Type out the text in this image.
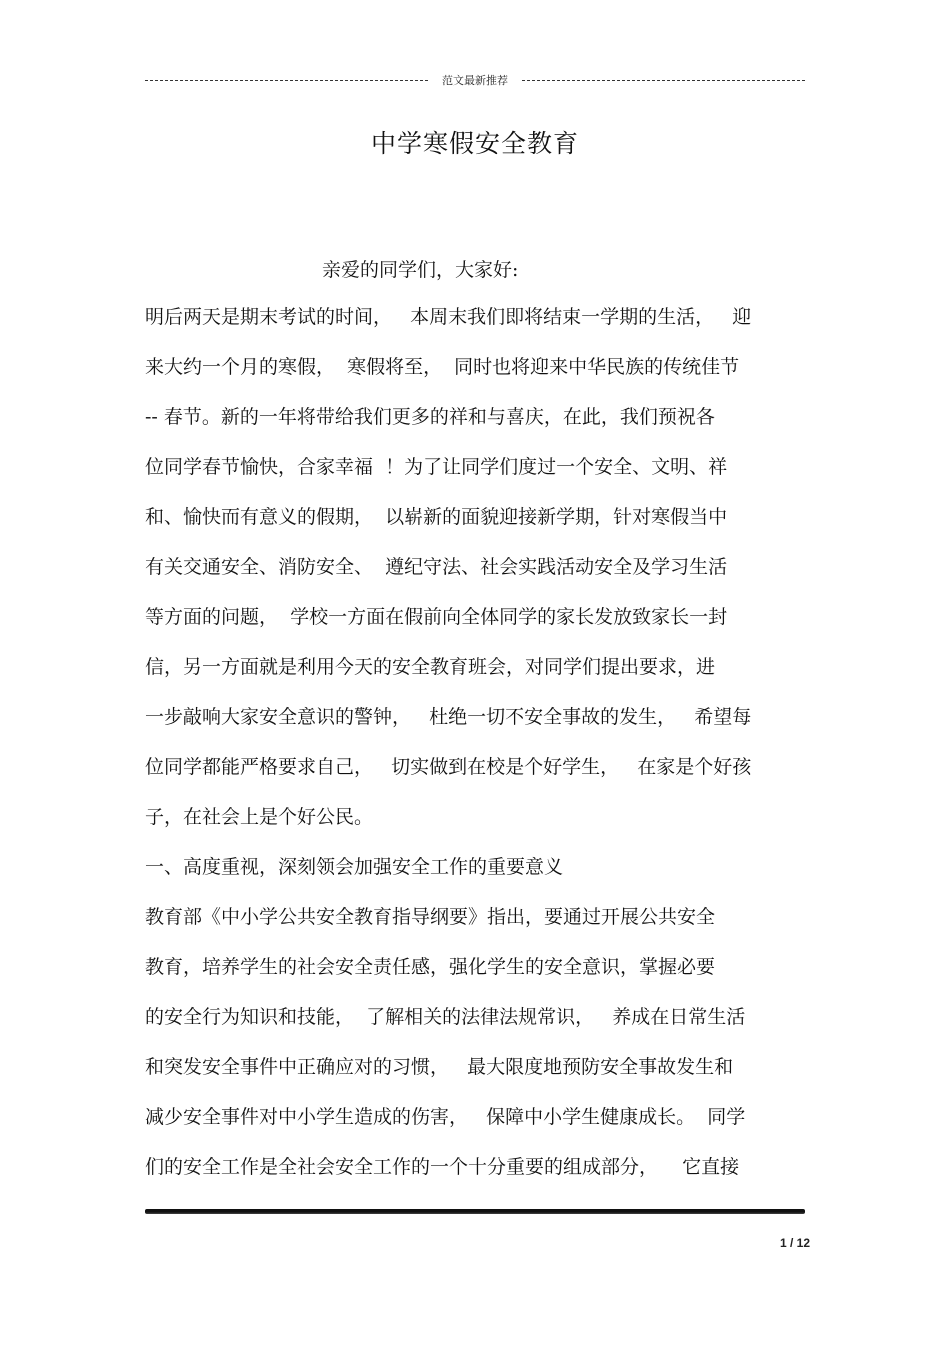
范文最新推荐
中学寒假安全教育
亲爱的同学们，大家好:
明后两天是期末考试的时间，   本周末我们即将结束一学期的生活，   迎
来大约一个月的寒假，  寒假将至，  同时也将迎来中华民族的传统佳节
-- 春节。新的一年将带给我们更多的祥和与喜庆，在此，我们预祝各
位同学春节愉快，合家幸福  ！为了让同学们度过一个安全、文明、祥
和、愉快而有意义的假期，  以崭新的面貌迎接新学期，针对寒假当中
有关交通安全、消防安全、  遵纪守法、社会实践活动安全及学习生活
等方面的问题，  学校一方面在假前向全体同学的家长发放致家长一封
信，另一方面就是利用今天的安全教育班会，对同学们提出要求，进
一步敲响大家安全意识的警钟，   杜绝一切不安全事故的发生，   希望每
位同学都能严格要求自己，   切实做到在校是个好学生，   在家是个好孩
子，在社会上是个好公民。
一、高度重视，深刻领会加强安全工作的重要意义
教育部《中小学公共安全教育指导纲要》指出，要通过开展公共安全
教育，培养学生的社会安全责任感，强化学生的安全意识，掌握必要
的安全行为知识和技能，  了解相关的法律法规常识，   养成在日常生活
和突发安全事件中正确应对的习惯，   最大限度地预防安全事故发生和
减少安全事件对中小学生造成的伤害，   保障中小学生健康成长。  同学
们的安全工作是全社会安全工作的一个十分重要的组成部分，    它直接
1 / 12
